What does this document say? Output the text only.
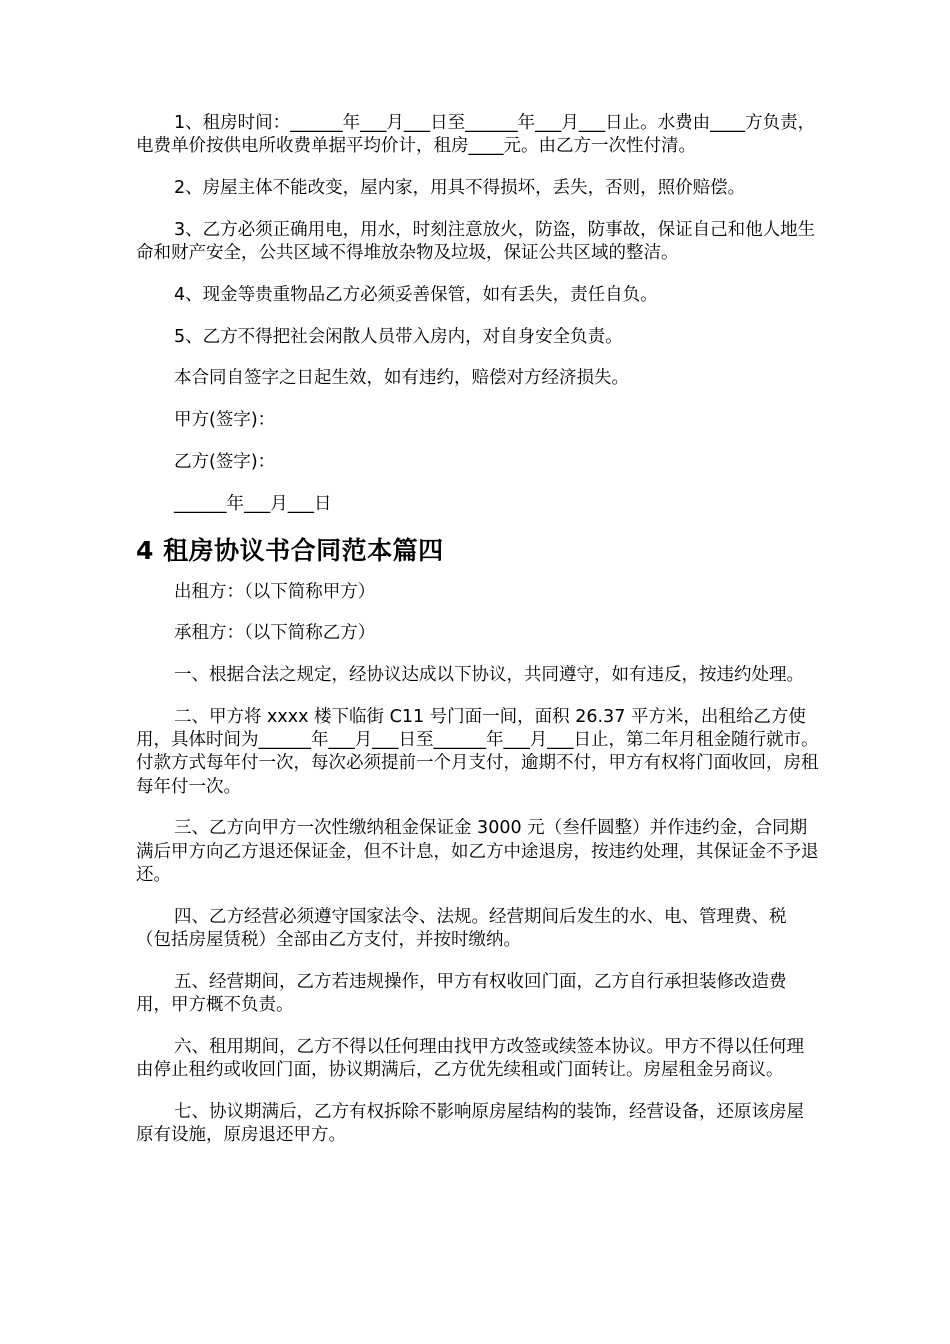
1、租房时间：______年___月___日至______年___月___日止。水费由____方负责，电费单价按供电所收费单据平均价计，租房____元。由乙方一次性付清。

2、房屋主体不能改变，屋内家，用具不得损坏，丢失，否则，照价赔偿。

3、乙方必须正确用电，用水，时刻注意放火，防盗，防事故，保证自己和他人地生命和财产安全，公共区域不得堆放杂物及垃圾，保证公共区域的整洁。

4、现金等贵重物品乙方必须妥善保管，如有丢失，责任自负。

5、乙方不得把社会闲散人员带入房内，对自身安全负责。

本合同自签字之日起生效，如有违约，赔偿对方经济损失。

甲方(签字)：

乙方(签字)：

______年___月___日

4 租房协议书合同范本篇四

出租方：（以下简称甲方）

承租方：（以下简称乙方）

一、根据合法之规定，经协议达成以下协议，共同遵守，如有违反，按违约处理。

二、甲方将 xxxx 楼下临街 C11 号门面一间，面积 26.37 平方米，出租给乙方使用，具体时间为______年___月___日至______年___月___日止，第二年月租金随行就市。付款方式每年付一次，每次必须提前一个月支付，逾期不付，甲方有权将门面收回，房租每年付一次。

三、乙方向甲方一次性缴纳租金保证金 3000 元（叁仟圆整）并作违约金，合同期满后甲方向乙方退还保证金，但不计息，如乙方中途退房，按违约处理，其保证金不予退还。

四、乙方经营必须遵守国家法令、法规。经营期间后发生的水、电、管理费、税（包括房屋赁税）全部由乙方支付，并按时缴纳。

五、经营期间，乙方若违规操作，甲方有权收回门面，乙方自行承担装修改造费用，甲方概不负责。

六、租用期间，乙方不得以任何理由找甲方改签或续签本协议。甲方不得以任何理由停止租约或收回门面，协议期满后，乙方优先续租或门面转让。房屋租金另商议。

七、协议期满后，乙方有权拆除不影响原房屋结构的装饰，经营设备，还原该房屋原有设施，原房退还甲方。
